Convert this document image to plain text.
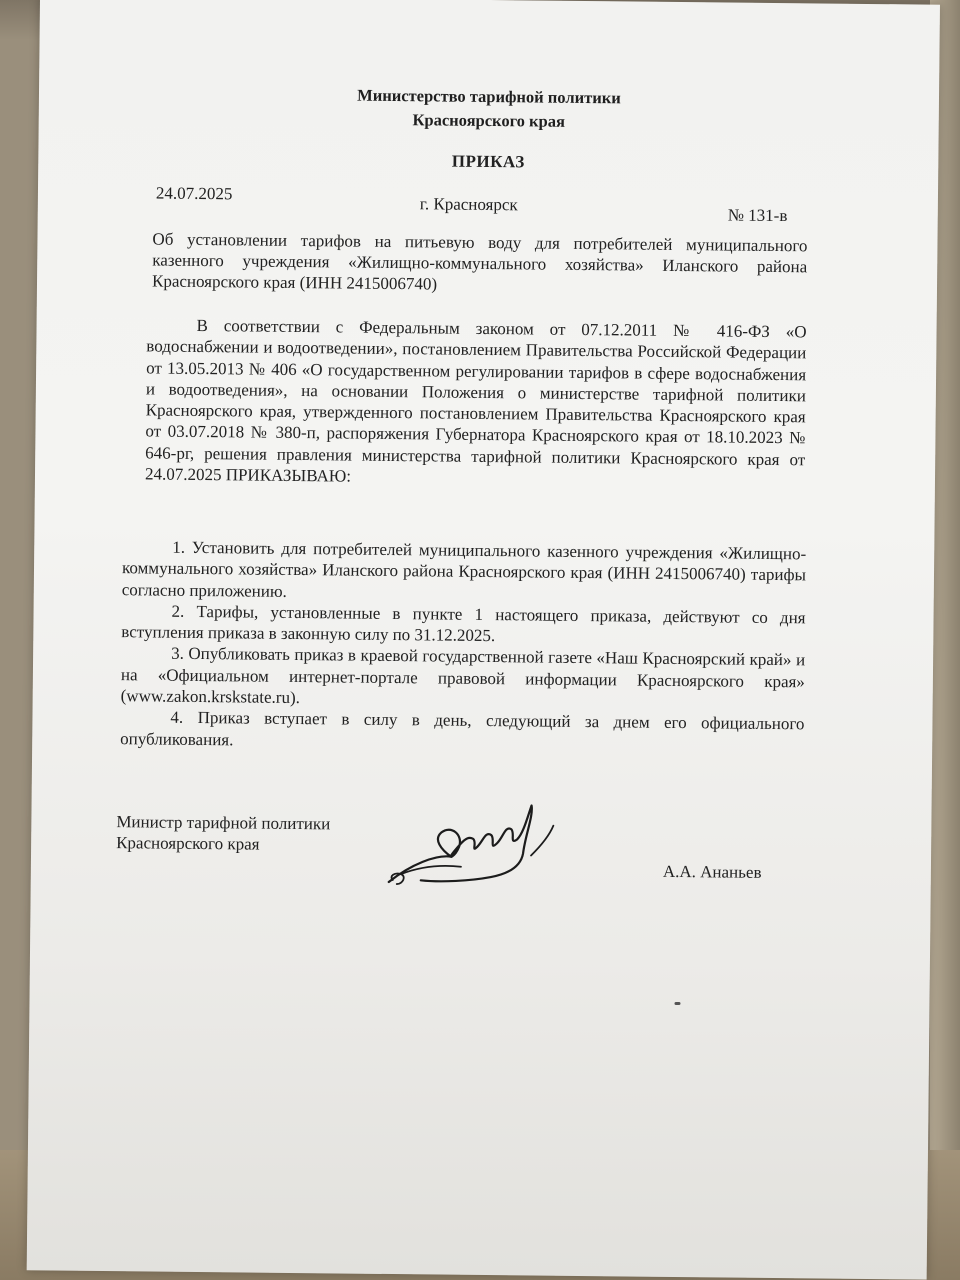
Министерство тарифной политики
Красноярского края
ПРИКАЗ
24.07.2025
г. Красноярск
№ 131-в
Об установлении тарифов на питьевую воду для потребителей муниципального казенного учреждения «Жилищно-коммунального хозяйства» Иланского района Красноярского края (ИНН 2415006740)
В соответствии с Федеральным законом от 07.12.2011 № 416-ФЗ «О водоснабжении и водоотведении», постановлением Правительства Российской Федерации от 13.05.2013 № 406 «О государственном регулировании тарифов в сфере водоснабжения и водоотведения», на основании Положения о министерстве тарифной политики Красноярского края, утвержденного постановлением Правительства Красноярского края от 03.07.2018 № 380-п, распоряжения Губернатора Красноярского края от 18.10.2023 № 646-рг, решения правления министерства тарифной политики Красноярского края от 24.07.2025 ПРИКАЗЫВАЮ:

1. Установить для потребителей муниципального казенного учреждения «Жилищно-коммунального хозяйства» Иланского района Красноярского края (ИНН 2415006740) тарифы согласно приложению.

2. Тарифы, установленные в пункте 1 настоящего приказа, действуют со дня вступления приказа в законную силу по 31.12.2025.

3. Опубликовать приказ в краевой государственной газете «Наш Красноярский край» и на «Официальном интернет-портале правовой информации Красноярского края» (www.zakon.krskstate.ru).

4. Приказ вступает в силу в день, следующий за днем его официального опубликования.

Министр тарифной политики
Красноярского края
А.А. Ананьев
